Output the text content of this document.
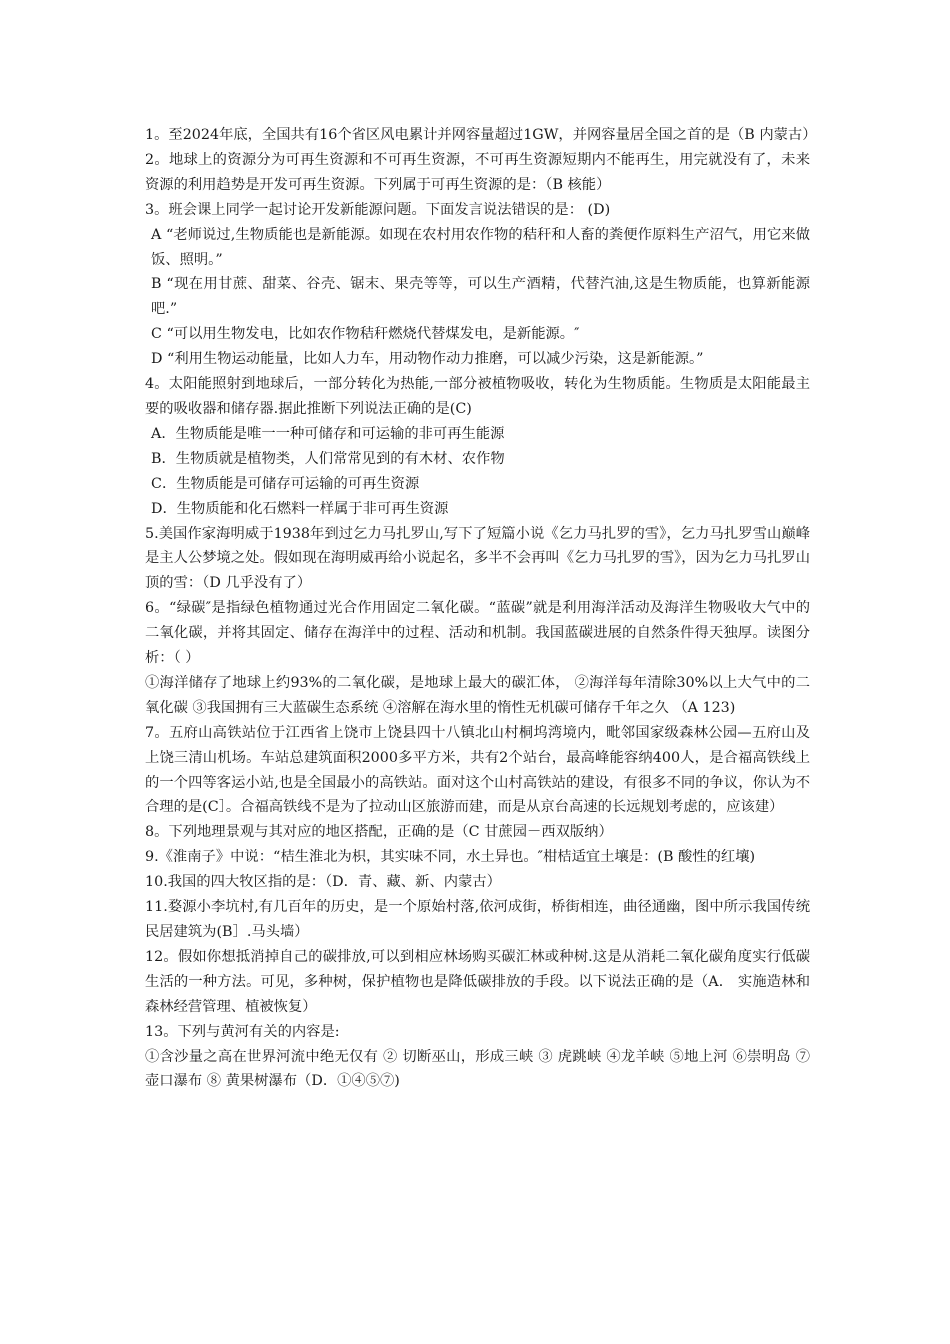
1。至2024年底，全国共有16个省区风电累计并网容量超过1GW，并网容量居全国之首的是（B 内蒙古）

2。地球上的资源分为可再生资源和不可再生资源，不可再生资源短期内不能再生，用完就没有了，未来资源的利用趋势是开发可再生资源。下列属于可再生资源的是：（B 核能）

3。班会课上同学一起讨论开发新能源问题。下面发言说法错误的是： (D)

A “老师说过,生物质能也是新能源。如现在农村用农作物的秸秆和人畜的粪便作原料生产沼气，用它来做饭、照明。”

B “现在用甘蔗、甜菜、谷壳、锯末、果壳等等，可以生产酒精，代替汽油,这是生物质能，也算新能源吧.”

C “可以用生物发电，比如农作物秸秆燃烧代替煤发电，是新能源。″

D “利用生物运动能量，比如人力车，用动物作动力推磨，可以减少污染，这是新能源。”

4。太阳能照射到地球后，一部分转化为热能,一部分被植物吸收，转化为生物质能。生物质是太阳能最主要的吸收器和储存器.据此推断下列说法正确的是(C)

A．生物质能是唯一一种可储存和可运输的非可再生能源

B．生物质就是植物类，人们常常见到的有木材、农作物

C．生物质能是可储存可运输的可再生资源

D．生物质能和化石燃料一样属于非可再生资源

5.美国作家海明威于1938年到过乞力马扎罗山,写下了短篇小说《乞力马扎罗的雪》，乞力马扎罗雪山巅峰是主人公梦境之处。假如现在海明威再给小说起名，多半不会再叫《乞力马扎罗的雪》，因为乞力马扎罗山顶的雪：（D 几乎没有了）

6。“绿碳″是指绿色植物通过光合作用固定二氧化碳。“蓝碳”就是利用海洋活动及海洋生物吸收大气中的二氧化碳，并将其固定、储存在海洋中的过程、活动和机制。我国蓝碳进展的自然条件得天独厚。读图分析：（ ）

①海洋储存了地球上约93%的二氧化碳，是地球上最大的碳汇体， ②海洋每年清除30%以上大气中的二氧化碳 ③我国拥有三大蓝碳生态系统 ④溶解在海水里的惰性无机碳可储存千年之久 （A 123)

7。五府山高铁站位于江西省上饶市上饶县四十八镇北山村桐坞湾境内，毗邻国家级森林公园—五府山及上饶三清山机场。车站总建筑面积2000多平方米，共有2个站台，最高峰能容纳400人，是合福高铁线上的一个四等客运小站,也是全国最小的高铁站。面对这个山村高铁站的建设，有很多不同的争议，你认为不合理的是(C］。合福高铁线不是为了拉动山区旅游而建，而是从京台高速的长远规划考虑的，应该建）

8。下列地理景观与其对应的地区搭配，正确的是（C 甘蔗园－西双版纳）

9.《淮南子》中说：“桔生淮北为枳，其实味不同，水土异也。″柑桔适宜土壤是：(B 酸性的红壤)

10.我国的四大牧区指的是：（D．青、藏、新、内蒙古）

11.婺源小李坑村,有几百年的历史，是一个原始村落,依河成街，桥街相连，曲径通幽，图中所示我国传统民居建筑为(B］.马头墙）

12。假如你想抵消掉自己的碳排放,可以到相应林场购买碳汇林或种树.这是从消耗二氧化碳角度实行低碳生活的一种方法。可见，多种树，保护植物也是降低碳排放的手段。以下说法正确的是（A． 实施造林和森林经营管理、植被恢复）

13。下列与黄河有关的内容是:

①含沙量之高在世界河流中绝无仅有 ② 切断巫山，形成三峡 ③ 虎跳峡 ④龙羊峡 ⑤地上河 ⑥崇明岛 ⑦ 壶口瀑布 ⑧ 黄果树瀑布（D．①④⑤⑦)
